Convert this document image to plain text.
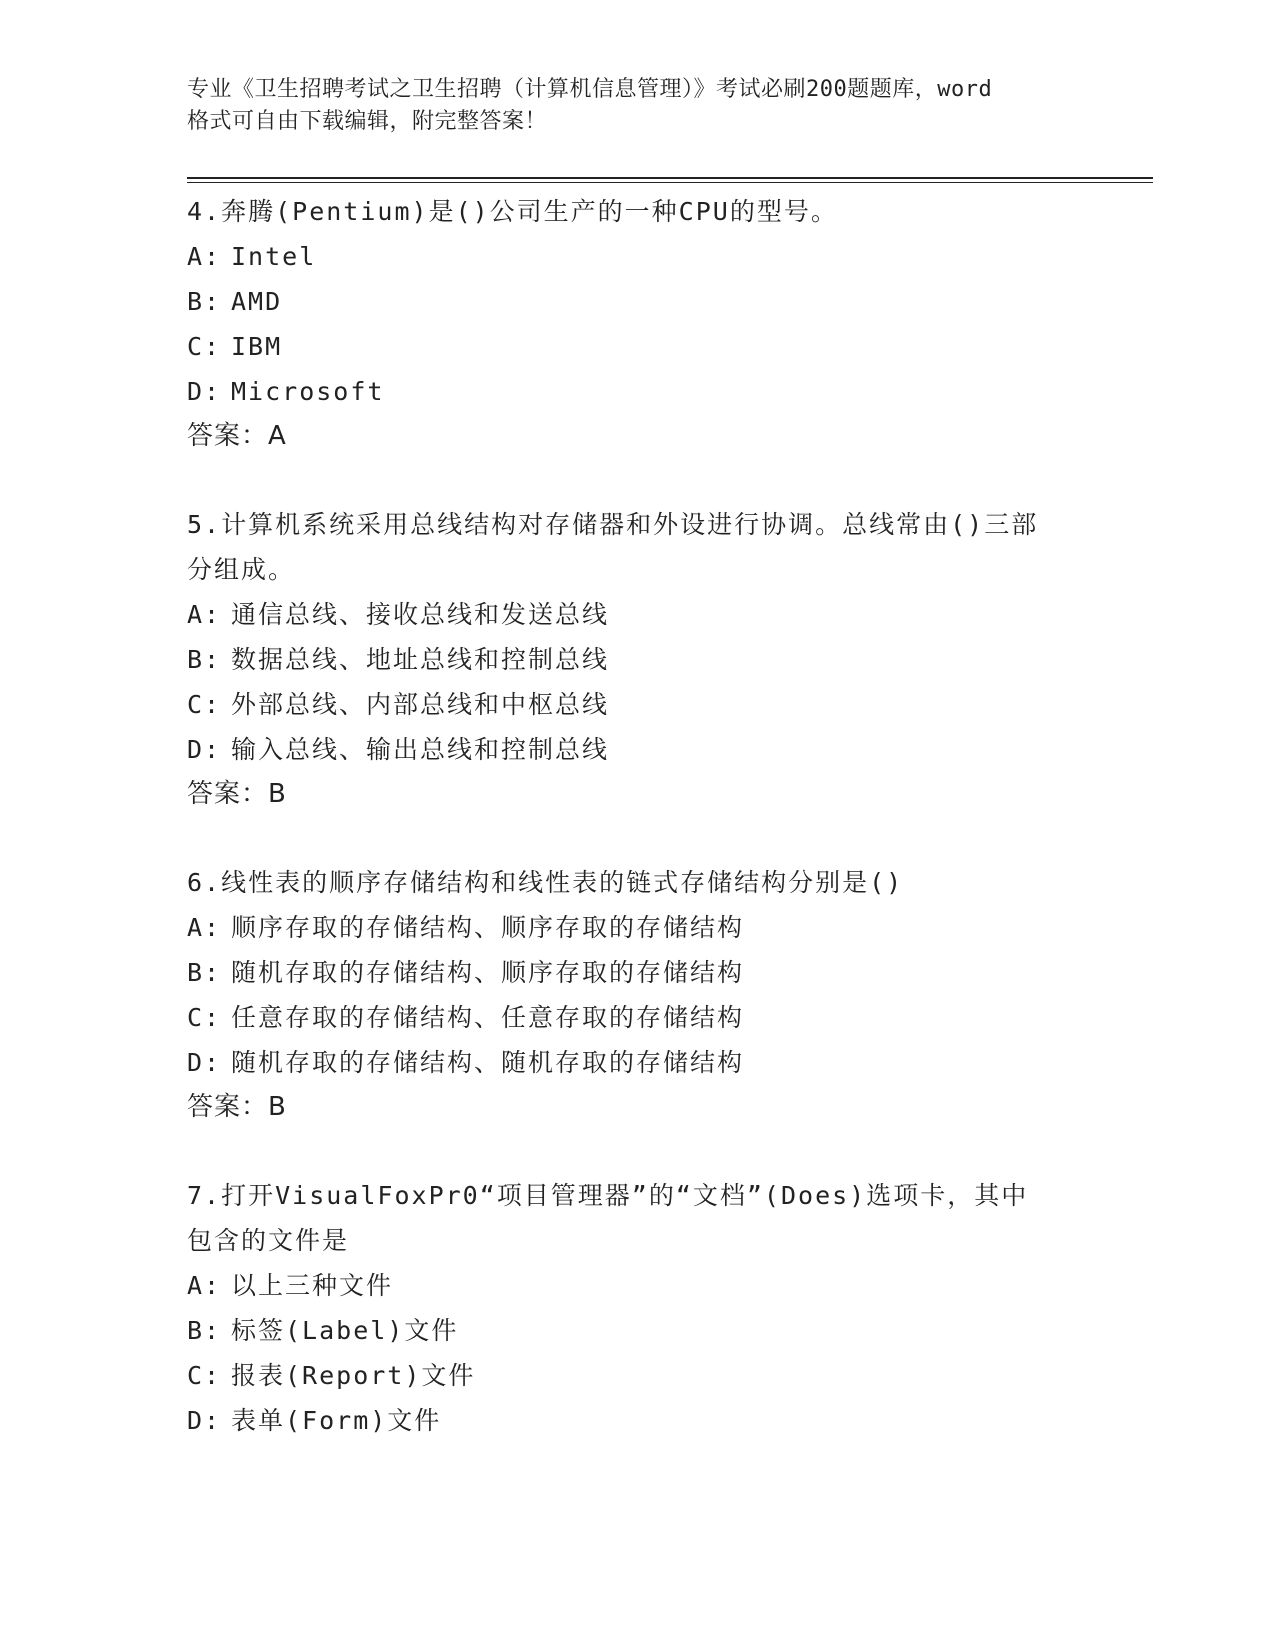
专业《卫生招聘考试之卫生招聘（计算机信息管理）》考试必刷200题题库，word
格式可自由下载编辑，附完整答案！

4.奔腾(Pentium)是()公司生产的一种CPU的型号。

A: Intel

B: AMD

C: IBM

D: Microsoft

答案：A

5.计算机系统采用总线结构对存储器和外设进行协调。总线常由()三部分组成。

A: 通信总线、接收总线和发送总线

B: 数据总线、地址总线和控制总线

C: 外部总线、内部总线和中枢总线

D: 输入总线、输出总线和控制总线

答案：B

6.线性表的顺序存储结构和线性表的链式存储结构分别是()

A: 顺序存取的存储结构、顺序存取的存储结构

B: 随机存取的存储结构、顺序存取的存储结构

C: 任意存取的存储结构、任意存取的存储结构

D: 随机存取的存储结构、随机存取的存储结构

答案：B

7.打开VisualFoxPr0“项目管理器”的“文档”(Does)选项卡，其中包含的文件是

A: 以上三种文件

B: 标签(Label)文件

C: 报表(Report)文件

D: 表单(Form)文件
